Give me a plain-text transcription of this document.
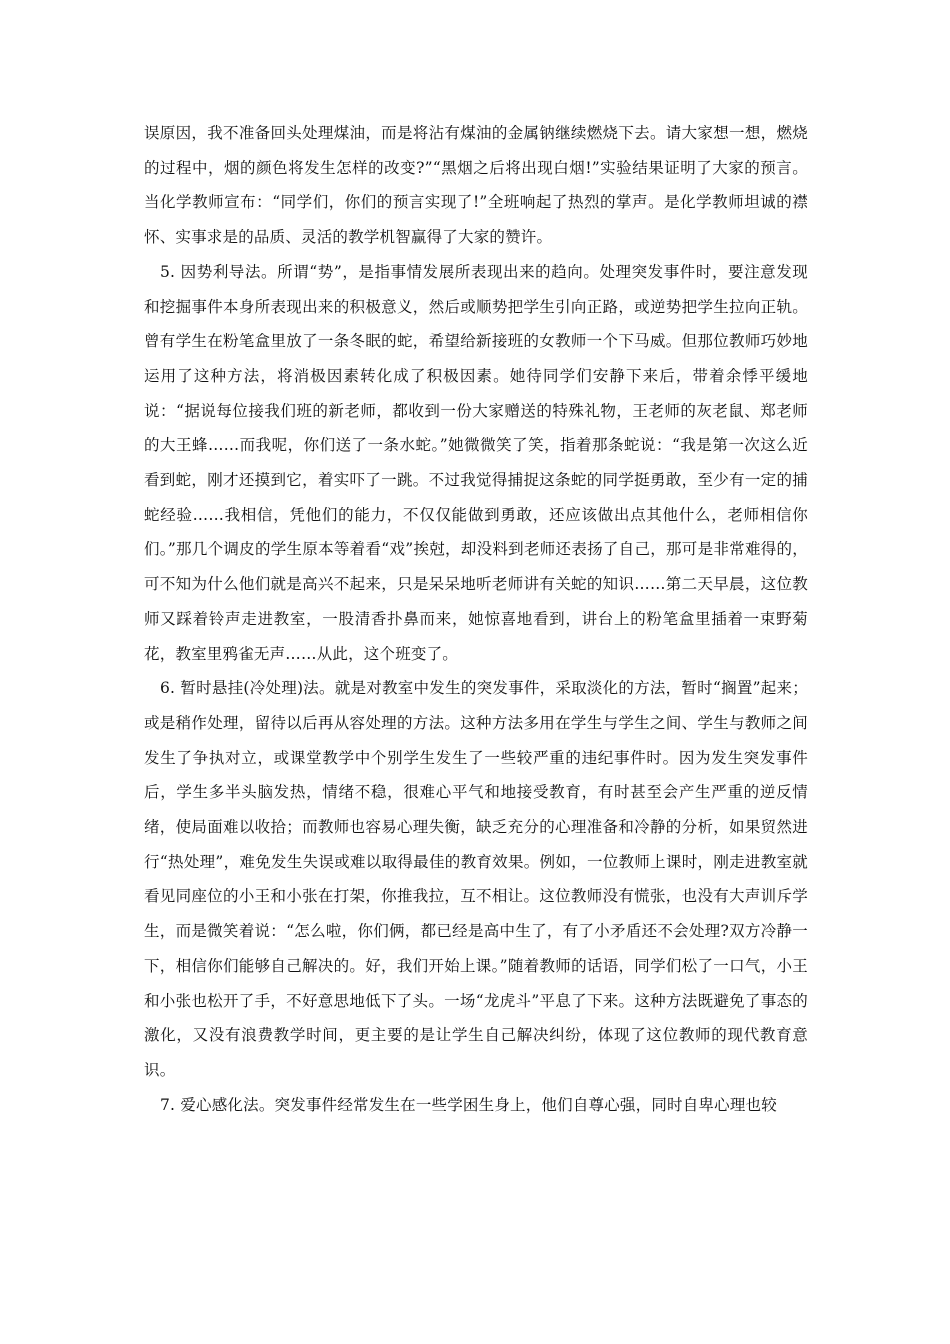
误原因，我不准备回头处理煤油，而是将沾有煤油的金属钠继续燃烧下去。请大家想一想，燃烧的过程中，烟的颜色将发生怎样的改变?”“黑烟之后将出现白烟!”实验结果证明了大家的预言。当化学教师宣布：“同学们，你们的预言实现了!”全班响起了热烈的掌声。是化学教师坦诚的襟怀、实事求是的品质、灵活的教学机智赢得了大家的赞许。

5. 因势利导法。所谓“势”，是指事情发展所表现出来的趋向。处理突发事件时，要注意发现和挖掘事件本身所表现出来的积极意义，然后或顺势把学生引向正路，或逆势把学生拉向正轨。曾有学生在粉笔盒里放了一条冬眠的蛇，希望给新接班的女教师一个下马威。但那位教师巧妙地运用了这种方法，将消极因素转化成了积极因素。她待同学们安静下来后，带着余悸平缓地说：“据说每位接我们班的新老师，都收到一份大家赠送的特殊礼物，王老师的灰老鼠、郑老师的大王蜂……而我呢，你们送了一条水蛇。”她微微笑了笑，指着那条蛇说：“我是第一次这么近看到蛇，刚才还摸到它，着实吓了一跳。不过我觉得捕捉这条蛇的同学挺勇敢，至少有一定的捕蛇经验……我相信，凭他们的能力，不仅仅能做到勇敢，还应该做出点其他什么，老师相信你们。”那几个调皮的学生原本等着看“戏”挨尅，却没料到老师还表扬了自己，那可是非常难得的，可不知为什么他们就是高兴不起来，只是呆呆地听老师讲有关蛇的知识……第二天早晨，这位教师又踩着铃声走进教室，一股清香扑鼻而来，她惊喜地看到，讲台上的粉笔盒里插着一束野菊花，教室里鸦雀无声……从此，这个班变了。

6. 暂时悬挂(冷处理)法。就是对教室中发生的突发事件，采取淡化的方法，暂时“搁置”起来；或是稍作处理，留待以后再从容处理的方法。这种方法多用在学生与学生之间、学生与教师之间发生了争执对立，或课堂教学中个别学生发生了一些较严重的违纪事件时。因为发生突发事件后，学生多半头脑发热，情绪不稳，很难心平气和地接受教育，有时甚至会产生严重的逆反情绪，使局面难以收拾；而教师也容易心理失衡，缺乏充分的心理准备和冷静的分析，如果贸然进行“热处理”，难免发生失误或难以取得最佳的教育效果。例如，一位教师上课时，刚走进教室就看见同座位的小王和小张在打架，你推我拉，互不相让。这位教师没有慌张，也没有大声训斥学生，而是微笑着说：“怎么啦，你们俩，都已经是高中生了，有了小矛盾还不会处理?双方冷静一下，相信你们能够自己解决的。好，我们开始上课。”随着教师的话语，同学们松了一口气，小王和小张也松开了手，不好意思地低下了头。一场“龙虎斗”平息了下来。这种方法既避免了事态的激化，又没有浪费教学时间，更主要的是让学生自己解决纠纷，体现了这位教师的现代教育意识。

7. 爱心感化法。突发事件经常发生在一些学困生身上，他们自尊心强，同时自卑心理也较
